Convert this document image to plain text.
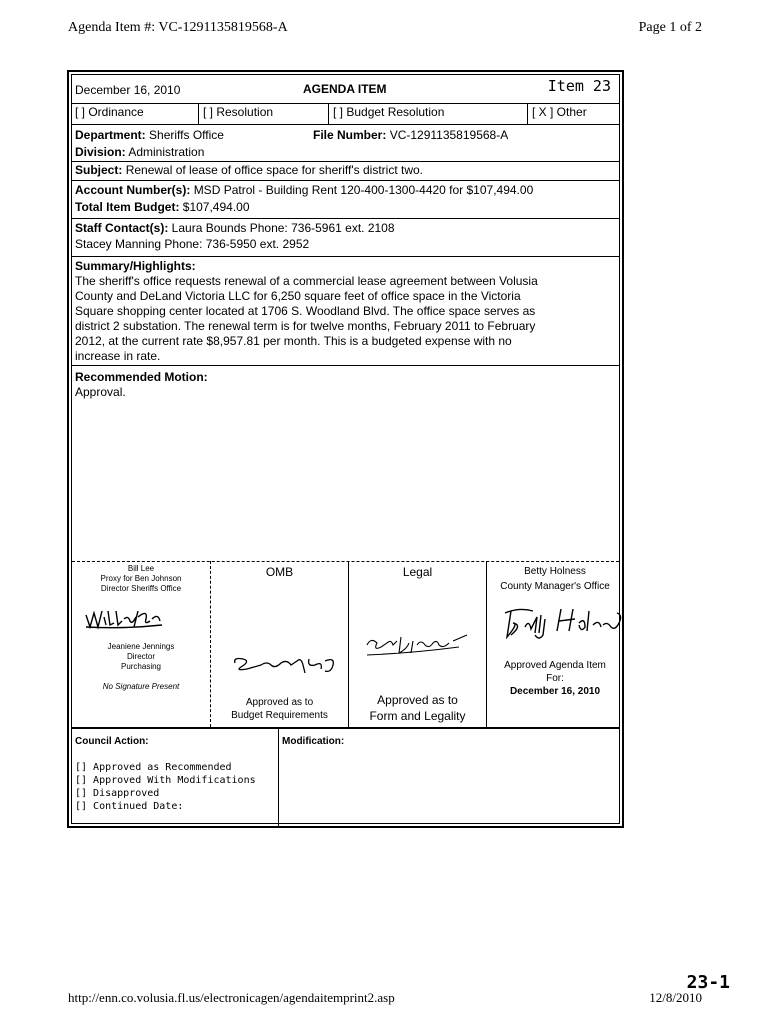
Agenda Item #: VC-1291135819568-A	Page 1 of 2
December 16, 2010	AGENDA ITEM	Item 23
[ ] Ordinance	[ ] Resolution	[ ] Budget Resolution	[ X ] Other
Department: Sheriffs Office	File Number: VC-1291135819568-A
Division: Administration
Subject: Renewal of lease of office space for sheriff's district two.
Account Number(s): MSD Patrol - Building Rent 120-400-1300-4420 for $107,494.00
Total Item Budget: $107,494.00
Staff Contact(s): Laura Bounds Phone: 736-5961 ext. 2108
Stacey Manning Phone: 736-5950 ext. 2952
Summary/Highlights:
The sheriff's office requests renewal of a commercial lease agreement between Volusia
County and DeLand Victoria LLC for 6,250 square feet of office space in the Victoria
Square shopping center located at 1706 S. Woodland Blvd. The office space serves as
district 2 substation. The renewal term is for twelve months, February 2011 to February
2012, at the current rate $8,957.81 per month. This is a budgeted expense with no
increase in rate.
Recommended Motion:
Approval.
Bill Lee
Proxy for Ben Johnson
Director Sheriffs Office
Jeaniene Jennings
Director
Purchasing
No Signature Present
OMB
Approved as to
Budget Requirements
Legal
Approved as to
Form and Legality
Betty Holness
County Manager's Office
Approved Agenda Item
For:
December 16, 2010
Council Action:	Modification:
[] Approved as Recommended
[] Approved With Modifications
[] Disapproved
[] Continued Date:
23-1
http://enn.co.volusia.fl.us/electronicagen/agendaitemprint2.asp	12/8/2010
